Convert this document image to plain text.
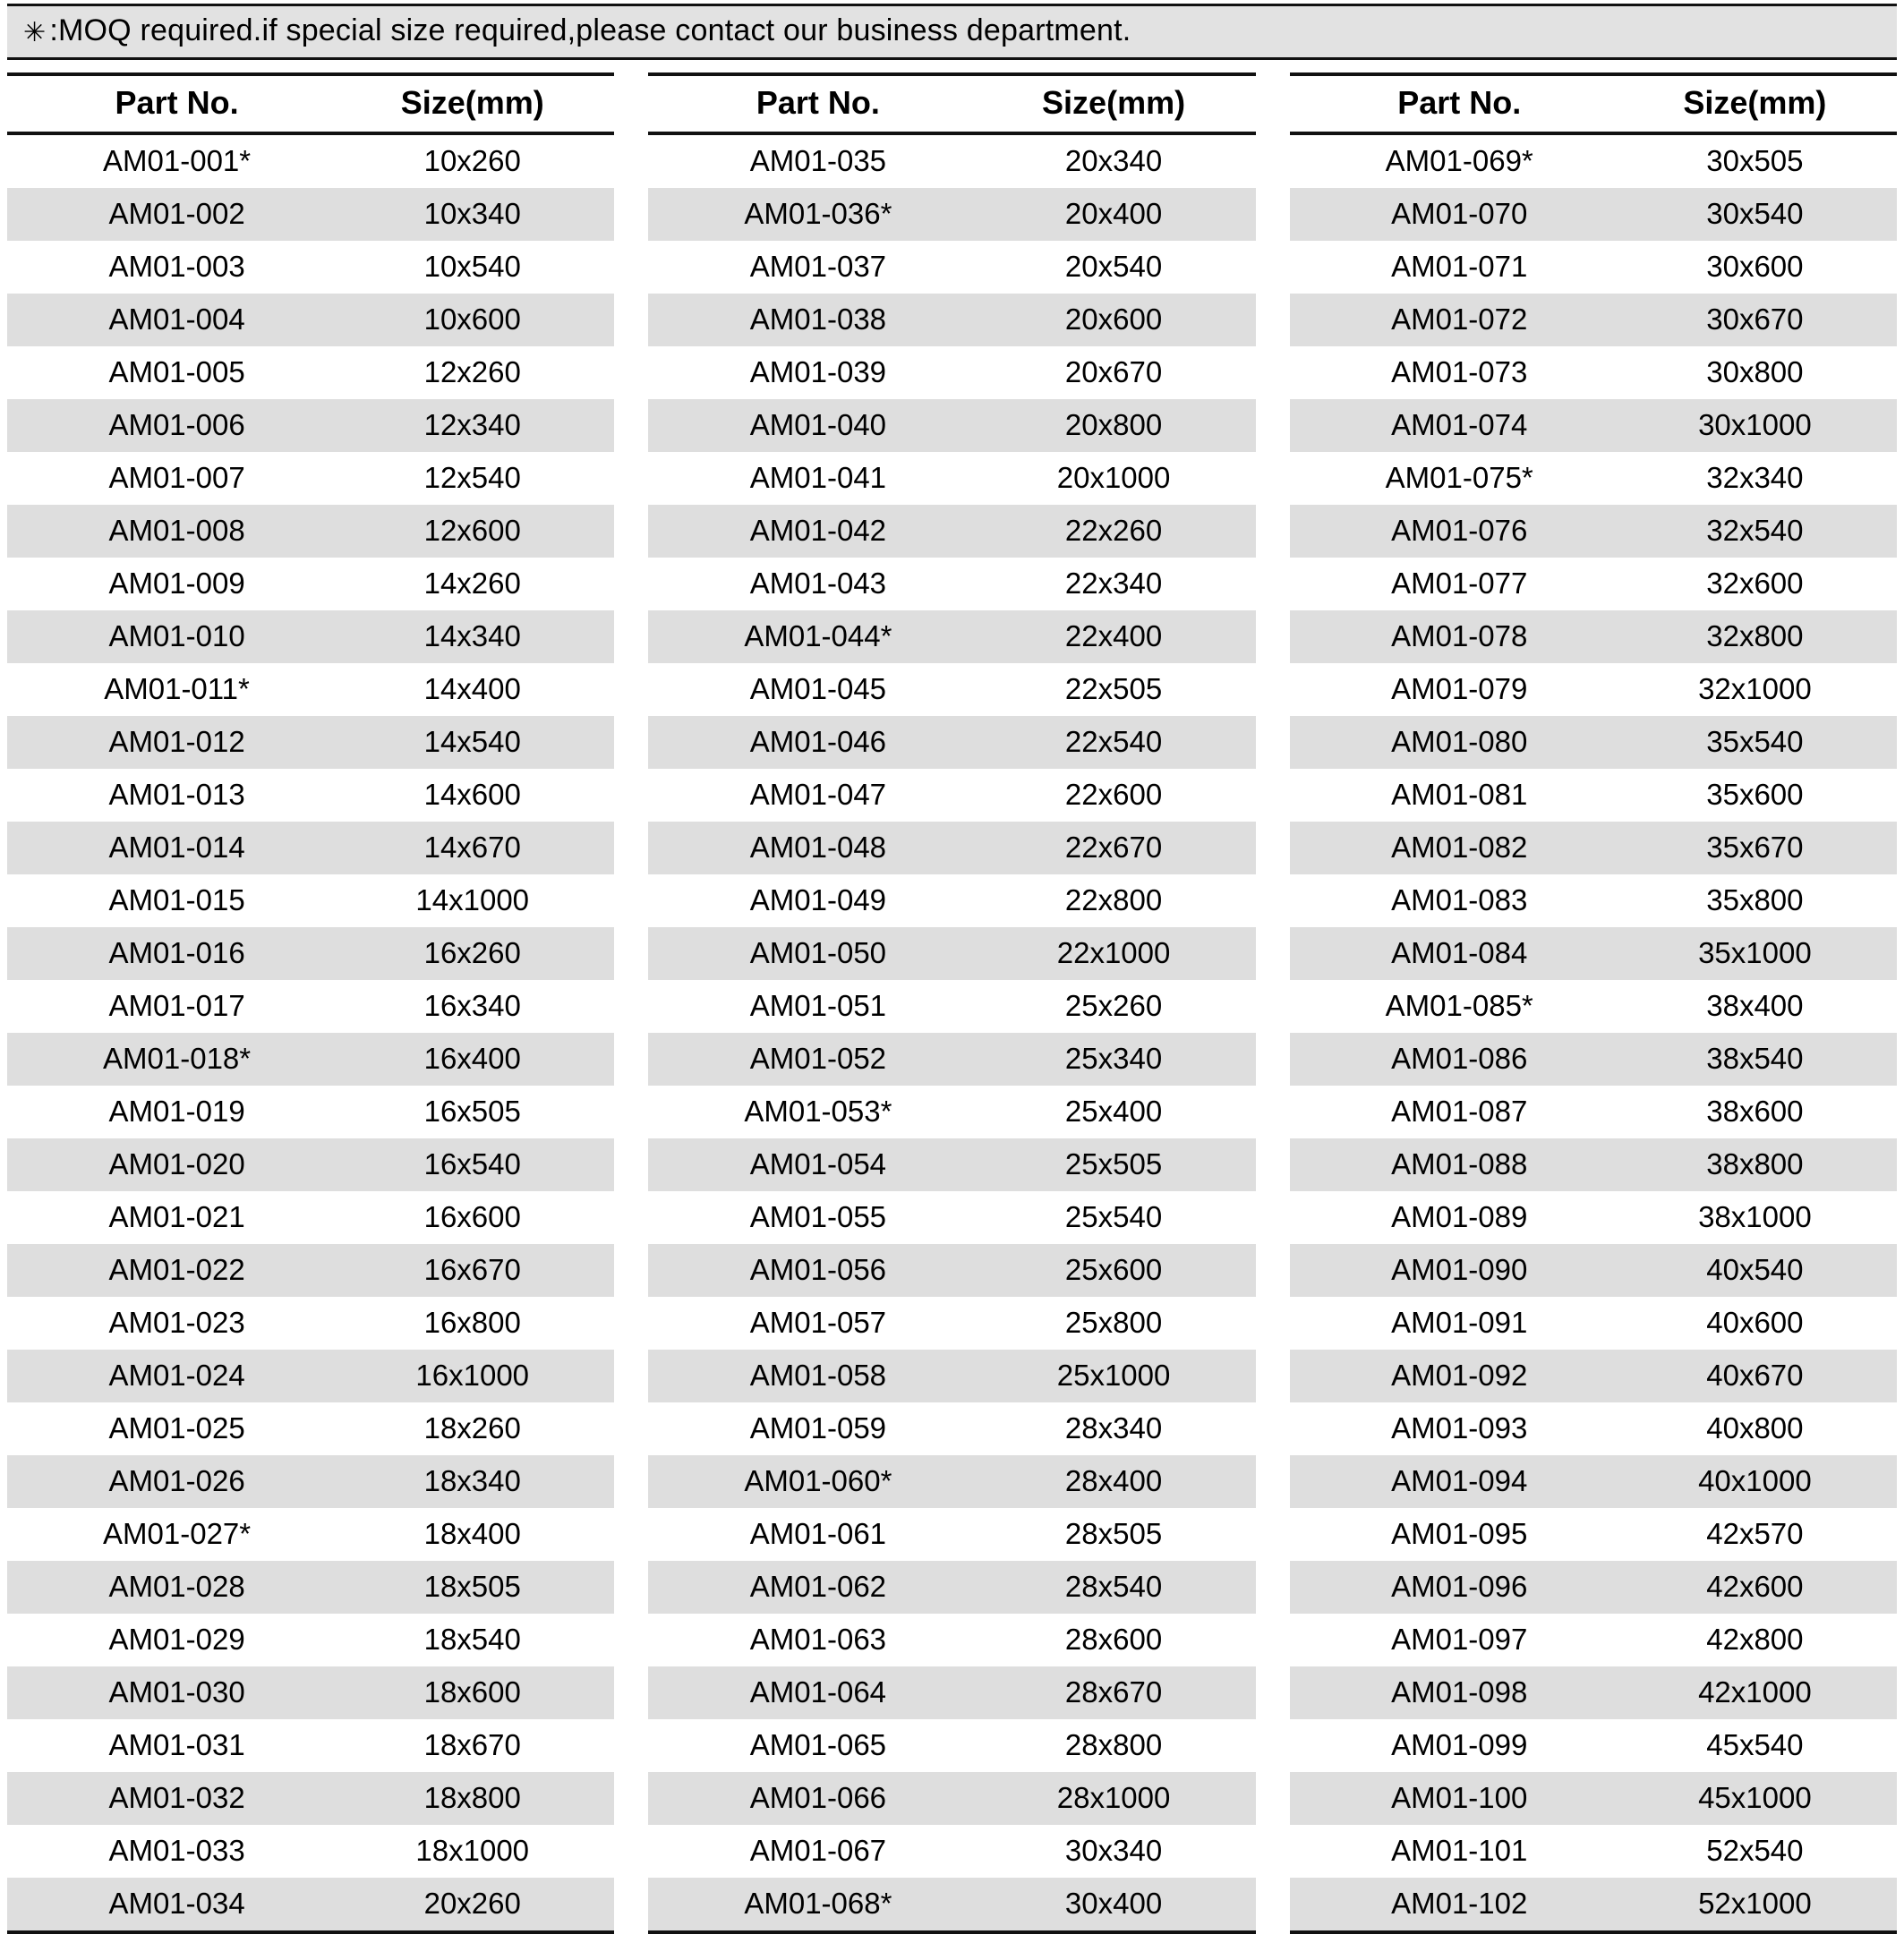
✳ :MOQ required.if special size required,please contact our business department.
Part No.	Size(mm)
AM01-001*	10x260
AM01-002	10x340
AM01-003	10x540
AM01-004	10x600
AM01-005	12x260
AM01-006	12x340
AM01-007	12x540
AM01-008	12x600
AM01-009	14x260
AM01-010	14x340
AM01-011*	14x400
AM01-012	14x540
AM01-013	14x600
AM01-014	14x670
AM01-015	14x1000
AM01-016	16x260
AM01-017	16x340
AM01-018*	16x400
AM01-019	16x505
AM01-020	16x540
AM01-021	16x600
AM01-022	16x670
AM01-023	16x800
AM01-024	16x1000
AM01-025	18x260
AM01-026	18x340
AM01-027*	18x400
AM01-028	18x505
AM01-029	18x540
AM01-030	18x600
AM01-031	18x670
AM01-032	18x800
AM01-033	18x1000
AM01-034	20x260
Part No.	Size(mm)
AM01-035	20x340
AM01-036*	20x400
AM01-037	20x540
AM01-038	20x600
AM01-039	20x670
AM01-040	20x800
AM01-041	20x1000
AM01-042	22x260
AM01-043	22x340
AM01-044*	22x400
AM01-045	22x505
AM01-046	22x540
AM01-047	22x600
AM01-048	22x670
AM01-049	22x800
AM01-050	22x1000
AM01-051	25x260
AM01-052	25x340
AM01-053*	25x400
AM01-054	25x505
AM01-055	25x540
AM01-056	25x600
AM01-057	25x800
AM01-058	25x1000
AM01-059	28x340
AM01-060*	28x400
AM01-061	28x505
AM01-062	28x540
AM01-063	28x600
AM01-064	28x670
AM01-065	28x800
AM01-066	28x1000
AM01-067	30x340
AM01-068*	30x400
Part No.	Size(mm)
AM01-069*	30x505
AM01-070	30x540
AM01-071	30x600
AM01-072	30x670
AM01-073	30x800
AM01-074	30x1000
AM01-075*	32x340
AM01-076	32x540
AM01-077	32x600
AM01-078	32x800
AM01-079	32x1000
AM01-080	35x540
AM01-081	35x600
AM01-082	35x670
AM01-083	35x800
AM01-084	35x1000
AM01-085*	38x400
AM01-086	38x540
AM01-087	38x600
AM01-088	38x800
AM01-089	38x1000
AM01-090	40x540
AM01-091	40x600
AM01-092	40x670
AM01-093	40x800
AM01-094	40x1000
AM01-095	42x570
AM01-096	42x600
AM01-097	42x800
AM01-098	42x1000
AM01-099	45x540
AM01-100	45x1000
AM01-101	52x540
AM01-102	52x1000
